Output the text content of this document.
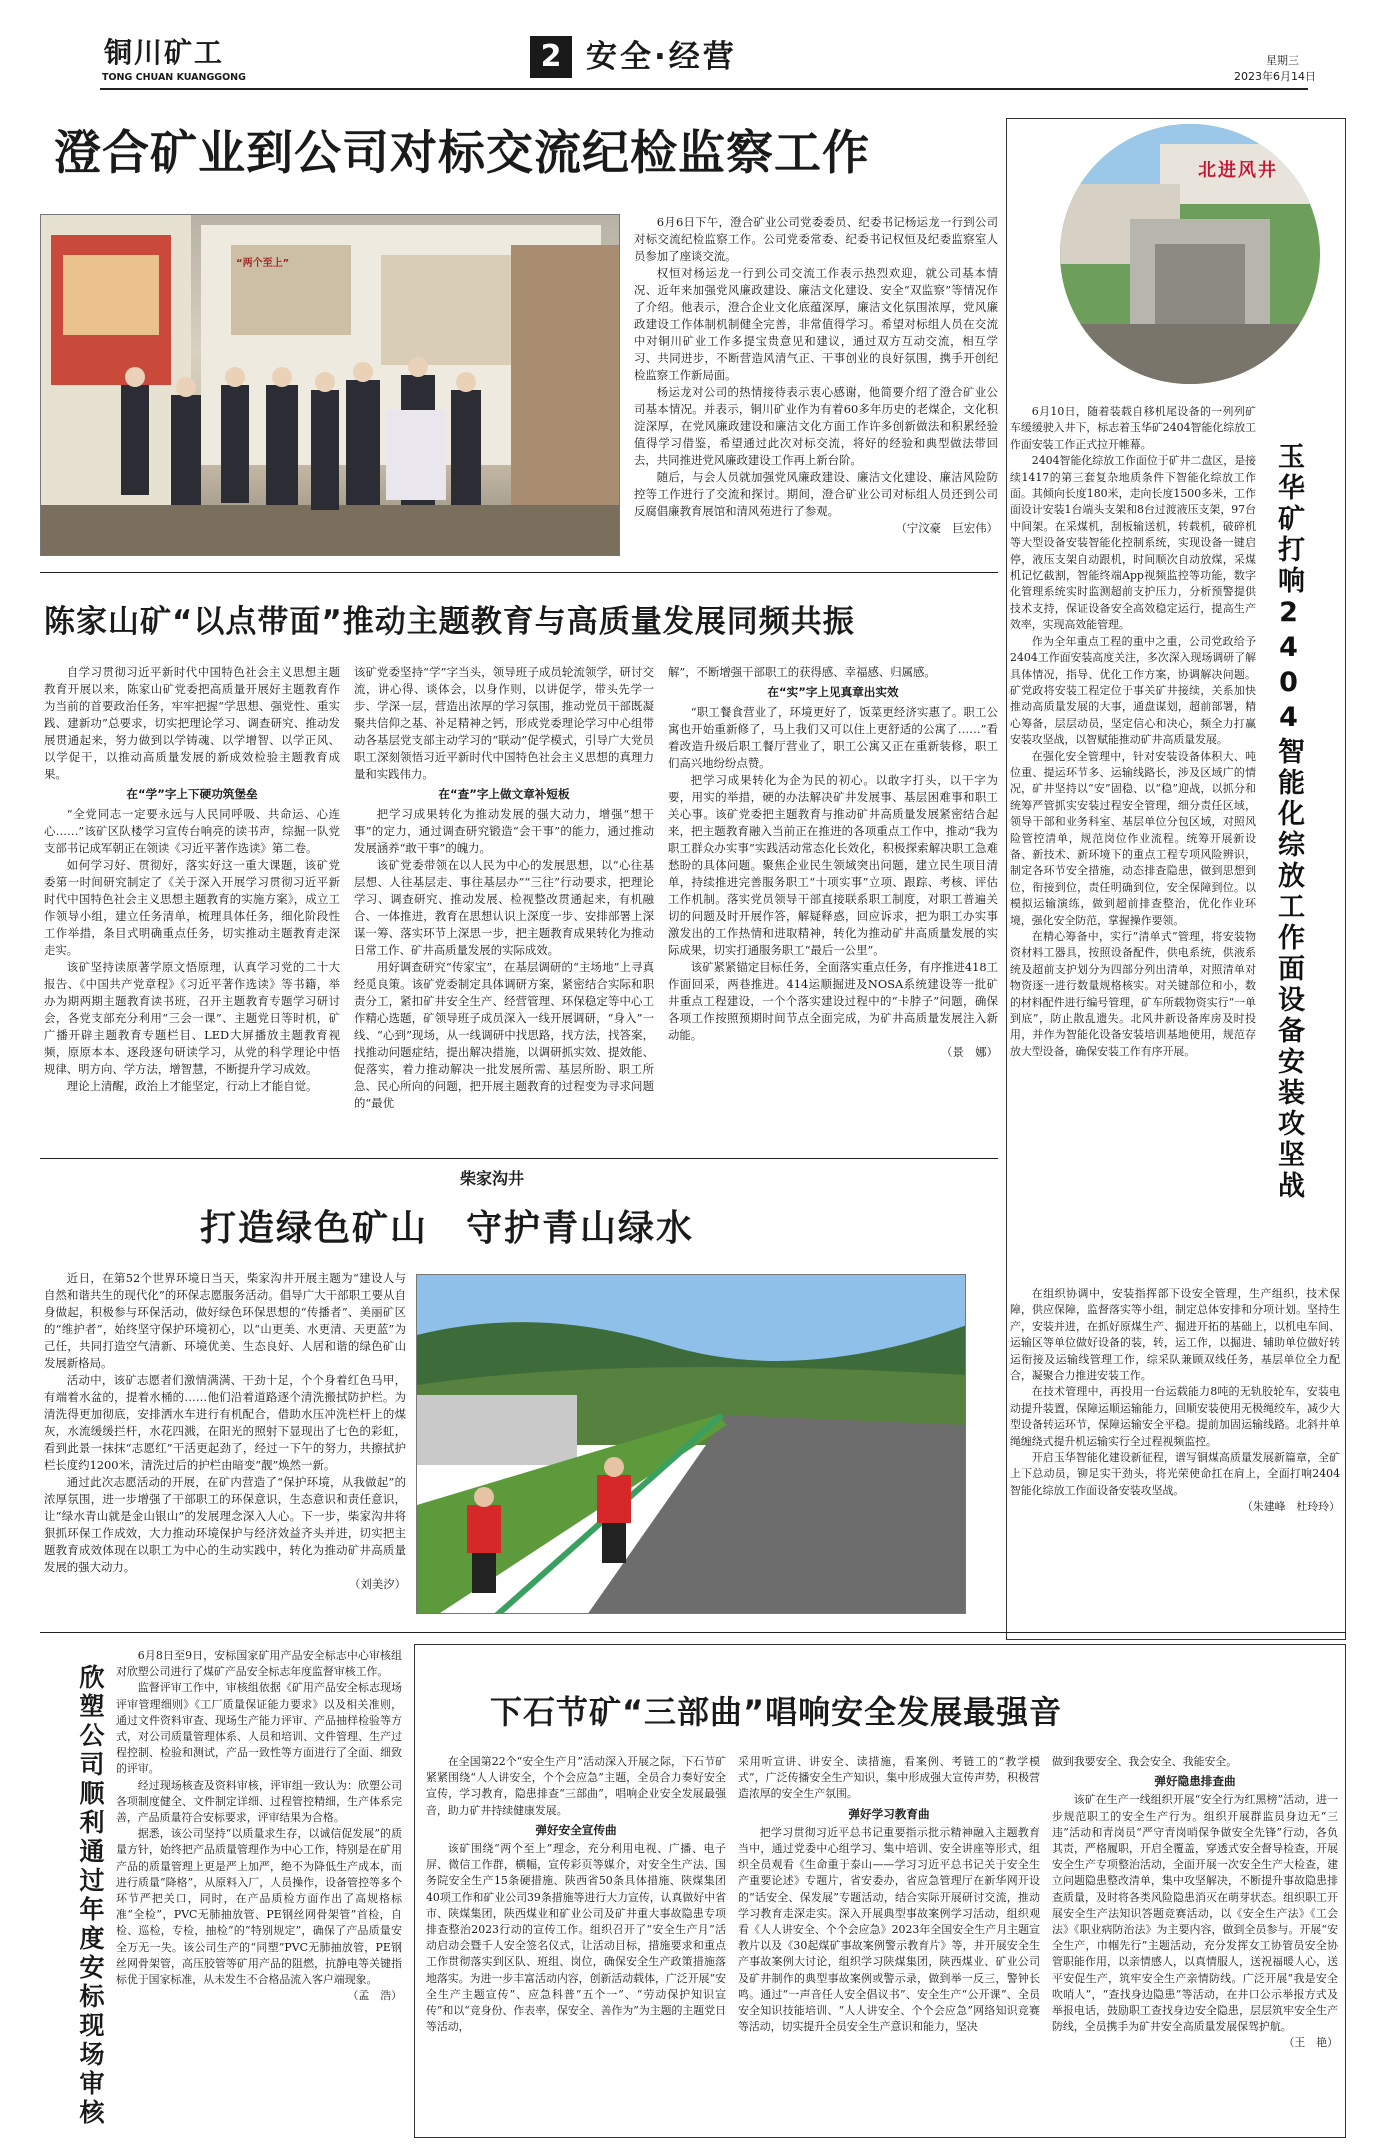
铜川矿工
TONG CHUAN KUANGGONG
2 安全·经营	星期三
2023年6月14日
澄合矿业到公司对标交流纪检监察工作
“两个至上”

6月6日下午，澄合矿业公司党委委员、纪委书记杨运龙一行到公司对标交流纪检监察工作。公司党委常委、纪委书记权恒及纪委监察室人员参加了座谈交流。

权恒对杨运龙一行到公司交流工作表示热烈欢迎，就公司基本情况、近年来加强党风廉政建设、廉洁文化建设、安全“双监察”等情况作了介绍。他表示，澄合企业文化底蕴深厚，廉洁文化氛围浓厚，党风廉政建设工作体制机制健全完善，非常值得学习。希望对标组人员在交流中对铜川矿业工作多提宝贵意见和建议，通过双方互动交流，相互学习、共同进步，不断营造风清气正、干事创业的良好氛围，携手开创纪检监察工作新局面。

杨运龙对公司的热情接待表示衷心感谢，他简要介绍了澄合矿业公司基本情况。并表示，铜川矿业作为有着60多年历史的老煤企，文化积淀深厚，在党风廉政建设和廉洁文化方面工作许多创新做法和积累经验值得学习借鉴，希望通过此次对标交流，将好的经验和典型做法带回去，共同推进党风廉政建设工作再上新台阶。

随后，与会人员就加强党风廉政建设、廉洁文化建设、廉洁风险防控等工作进行了交流和探讨。期间，澄合矿业公司对标组人员还到公司反腐倡廉教育展馆和清风苑进行了参观。

（宁汶豪　巨宏伟）

陈家山矿“以点带面”推动主题教育与高质量发展同频共振

自学习贯彻习近平新时代中国特色社会主义思想主题教育开展以来，陈家山矿党委把高质量开展好主题教育作为当前的首要政治任务，牢牢把握“学思想、强党性、重实践、建新功”总要求，切实把理论学习、调查研究、推动发展贯通起来，努力做到以学铸魂、以学增智、以学正风、以学促干，以推动高质量发展的新成效检验主题教育成果。

在“学”字上下硬功筑堡垒

“全党同志一定要永远与人民同呼吸、共命运、心连心……”该矿区队楼学习宣传台响亮的读书声，综掘一队党支部书记成军朝正在领读《习近平著作选读》第二卷。

如何学习好、贯彻好，落实好这一重大课题，该矿党委第一时间研究制定了《关于深入开展学习贯彻习近平新时代中国特色社会主义思想主题教育的实施方案》，成立工作领导小组，建立任务清单，梳理具体任务，细化阶段性工作举措，条目式明确重点任务，切实推动主题教育走深走实。

该矿坚持读原著学原文悟原理，认真学习党的二十大报告、《中国共产党章程》《习近平著作选读》等书籍，举办为期两期主题教育读书班，召开主题教育专题学习研讨会，各党支部充分利用“三会一课”、主题党日等时机，矿广播开辟主题教育专题栏目、LED大屏播放主题教育视频，原原本本、逐段逐句研读学习，从党的科学理论中悟规律、明方向、学方法，增智慧，不断提升学习成效。

理论上清醒，政治上才能坚定，行动上才能自觉。

该矿党委坚持“学”字当头，领导班子成员轮流领学，研讨交流，讲心得、谈体会，以身作则，以讲促学，带头先学一步、学深一层，营造出浓厚的学习氛围，推动党员干部既凝聚共信仰之基、补足精神之钙，形成党委理论学习中心组带动各基层党支部主动学习的“联动”促学模式，引导广大党员职工深刻领悟习近平新时代中国特色社会主义思想的真理力量和实践伟力。

在“查”字上做文章补短板

把学习成果转化为推动发展的强大动力，增强“想干事”的定力，通过调查研究锻造“会干事”的能力，通过推动发展涵养“敢干事”的魄力。

该矿党委带领在以人民为中心的发展思想，以“心往基层想、人往基层走、事往基层办”“三往”行动要求，把理论学习、调查研究、推动发展、检视整改贯通起来，有机融合、一体推进，教育在思想认识上深度一步、安排部署上深谋一筹、落实环节上深思一步，把主题教育成果转化为推动日常工作、矿井高质量发展的实际成效。

用好调查研究“传家宝”，在基层调研的“主场地”上寻真经觅良策。该矿党委制定具体调研方案，紧密结合实际和职责分工，紧扣矿井安全生产、经营管理、环保稳定等中心工作精心选题，矿领导班子成员深入一线开展调研，“身入”一线、“心到”现场，从一线调研中找思路，找方法，找答案，找推动问题症结，提出解决措施，以调研抓实效、提效能、促落实，着力推动解决一批发展所需、基层所盼、职工所急、民心所向的问题，把开展主题教育的过程变为寻求问题的“最优

解”，不断增强干部职工的获得感、幸福感、归属感。

在“实”字上见真章出实效

“职工餐食营业了，环境更好了，饭菜更经济实惠了。职工公寓也开始重新修了，马上我们又可以住上更舒适的公寓了……”看着改造升级后职工餐厅营业了，职工公寓又正在重新装修，职工们高兴地纷纷点赞。

把学习成果转化为企为民的初心。以敢字打头，以干字为要，用实的举措，硬的办法解决矿井发展事、基层困难事和职工关心事。该矿党委把主题教育与推动矿井高质量发展紧密结合起来，把主题教育融入当前正在推进的各项重点工作中，推动“我为职工群众办实事”实践活动常态化长效化，积极探索解决职工急难愁盼的具体问题。聚焦企业民生领域突出问题，建立民生项目清单，持续推进完善服务职工“十项实事”立项、跟踪、考核、评估工作机制。落实党员领导干部直接联系职工制度，对职工普遍关切的问题及时开展作答，解疑释惑，回应诉求，把为职工办实事激发出的工作热情和进取精神，转化为推动矿井高质量发展的实际成果，切实打通服务职工“最后一公里”。

该矿紧紧锚定目标任务，全面落实重点任务，有序推进418工作面回采，两巷推进。414运顺掘进及NOSA系统建设等一批矿井重点工程建设，一个个落实建设过程中的“卡脖子”问题，确保各项工作按照预期时间节点全面完成，为矿井高质量发展注入新动能。

（景　娜）

柴家沟井
打造绿色矿山　守护青山绿水

近日，在第52个世界环境日当天，柴家沟井开展主题为“建设人与自然和谐共生的现代化”的环保志愿服务活动。倡导广大干部职工要从自身做起，积极参与环保活动，做好绿色环保思想的“传播者”、美丽矿区的“维护者”，始终坚守保护环境初心，以“山更美、水更清、天更蓝”为己任，共同打造空气清新、环境优美、生态良好、人居和谐的绿色矿山发展新格局。

活动中，该矿志愿者们激情满满、干劲十足，个个身着红色马甲，有端着水盆的，提着水桶的……他们沿着道路逐个清洗搬拭防护栏。为清洗得更加彻底，安排洒水车进行有机配合，借助水压冲洗栏杆上的煤灰，水流缓缓拦杆，水花四溅，在阳光的照射下显现出了七色的彩虹，看到此景一抹抹“志愿红”干活更起劲了，经过一下午的努力，共擦拭护栏长度约1200米，清洗过后的护栏由暗变“靓”焕然一新。

通过此次志愿活动的开展，在矿内营造了“保护环境，从我做起”的浓厚氛围，进一步增强了干部职工的环保意识，生态意识和责任意识，让“绿水青山就是金山银山”的发展理念深入人心。下一步，柴家沟井将狠抓环保工作成效，大力推动环境保护与经济效益齐头并进，切实把主题教育成效体现在以职工为中心的生动实践中，转化为推动矿井高质量发展的强大动力。

（刘美汐）

北进风井
玉华矿打响2404智能化综放工作面设备安装攻坚战

6月10日，随着装载自移机尾设备的一列列矿车缓缓驶入井下，标志着玉华矿2404智能化综放工作面安装工作正式拉开帷幕。

2404智能化综放工作面位于矿井二盘区，是接续1417的第三套复杂地质条件下智能化综放工作面。其倾向长度180米，走向长度1500多米，工作面设计安装1台端头支架和8台过渡液压支架，97台中间架。在采煤机，刮板输送机，转载机，破碎机等大型设备安装智能化控制系统，实现设备一键启停，液压支架自动跟机，时间顺次自动放煤，采煤机记忆截割，智能终端App视频监控等功能，数字化管理系统实时监测超前支护压力，分析预警提供技术支持，保证设备安全高效稳定运行，提高生产效率，实现高效能管理。

作为全年重点工程的重中之重，公司党政给予2404工作面安装高度关注，多次深入现场调研了解具体情况，指导、优化工作方案，协调解决问题。矿党政将安装工程定位于事关矿井接续，关系加快推动高质量发展的大事，通盘谋划，超前部署，精心筹备，层层动员，坚定信心和决心，频全力打赢安装攻坚战，以智赋能推动矿井高质量发展。

在强化安全管理中，针对安装设备体积大、吨位重、提运环节多、运输线路长，涉及区域广的情况，矿井坚持以“安”固稳、以“稳”迎战，以抓分和统筹严管抓实安装过程安全管理，细分责任区域，领导干部和业务科室、基层单位分包区域，对照风险管控清单，规范岗位作业流程。统筹开展新设备、新技术、新环境下的重点工程专项风险辨识，制定各环节安全措施，动态排查隐患，做到思想到位，衔接到位，责任明确到位，安全保障到位。以模拟运输演练，做到超前排查整治，优化作业环境，强化安全防范，掌握操作要领。

在精心筹备中，实行“清单式”管理，将安装物资材料工器具，按照设备配件，供电系统，供液系统及超前支护划分为四部分列出清单，对照清单对物资逐一进行数量规格核实。对关键部位和小，数的材料配件进行编号管理，矿车所载物资实行“一单到底”，防止散乱遗失。北风井新设备库房及时投用，并作为智能化设备安装培训基地使用，规范存放大型设备，确保安装工作有序开展。

在组织协调中，安装指挥部下设安全管理，生产组织，技术保障，供应保障，监督落实等小组，制定总体安排和分项计划。坚持生产，安装并进，在抓好原煤生产、掘进开拓的基础上，以机电车间、运输区等单位做好设备的装，转，运工作，以掘进、辅助单位做好转运衔接及运输线管理工作，综采队兼顾双线任务，基层单位全力配合，凝聚合力推进安装工作。

在技术管理中，再投用一台运载能力8吨的无轨胶轮车，安装电动提升装置，保障运顺运输能力，回顺安装使用无极绳绞车，减少大型设备转运环节，保障运输安全平稳。提前加固运输线路。北斜井单绳缠绕式提升机运输实行全过程视频监控。

开启玉华智能化建设新征程，谱写铜煤高质量发展新篇章，全矿上下总动员，铆足实干劲头，将光荣使命扛在肩上，全面打响2404智能化综放工作面设备安装攻坚战。

（朱建峰　杜玲玲）

欣塑公司顺利通过年度安标现场审核

6月8日至9日，安标国家矿用产品安全标志中心审核组对欣塑公司进行了煤矿产品安全标志年度监督审核工作。

监督评审工作中，审核组依据《矿用产品安全标志现场评审管理细则》《工厂质量保证能力要求》以及相关准则，通过文件资料审查、现场生产能力评审、产品抽样检验等方式，对公司质量管理体系、人员和培训、文件管理、生产过程控制、检验和测试，产品一致性等方面进行了全面、细致的评审。

经过现场核查及资料审核，评审组一致认为：欣塑公司各项制度健全、文件制定详细、过程管控精细，生产体系完善，产品质量符合安标要求，评审结果为合格。

据悉，该公司坚持“以质量求生存，以诚信促发展”的质量方针，始终把产品质量管理作为中心工作，特别是在矿用产品的质量管理上更是严上加严，绝不为降低生产成本，而进行质量“降格”，从原料入厂，人员操作，设备管控等多个环节严把关口，同时，在产品质检方面作出了高规格标准“全检”，PVC无肺抽放管、PE钢丝网骨架管”首检，自检、巡检，专检，抽检”的“特别规定”，确保了产品质量安全万无一失。该公司生产的“同塑”PVC无肺抽放管，PE钢丝网骨架管，高压胶管等矿用产品的阻燃，抗静电等关键指标优于国家标准，从未发生不合格品流入客户端现象。

（孟　浩）

下石节矿“三部曲”唱响安全发展最强音

在全国第22个“安全生产月”活动深入开展之际，下石节矿紧紧围绕“人人讲安全，个个会应急”主题，全员合力奏好安全宣传，学习教育，隐患排查“三部曲”，唱响企业安全发展最强音，助力矿井持续健康发展。

弹好安全宣传曲

该矿围绕“两个至上”理念，充分利用电视、广播、电子屏、微信工作群，横幅，宣传彩页等媒介，对安全生产法、国务院安全生产15条硬措施、陕西省50条具体措施、陕煤集团40项工作和矿业公司39条措施等进行大力宣传，认真做好中省市、陕煤集团，陕西煤业和矿业公司及矿井重大事故隐患专项排查整治2023行动的宣传工作。组织召开了“安全生产月”活动启动会暨千人安全签名仪式，让活动目标，措施要求和重点工作贯彻落实到区队、班组、岗位，确保安全生产政策措施落地落实。为进一步丰富活动内容，创新活动载体，广泛开展“安全生产主题宣传”、应急科普“五个一”、“劳动保护知识宣传”和以“竞身份、作表率，保安全、善作为”为主题的主题党日等活动，

采用听宣讲、讲安全、读措施，看案例、考链工的“教学模式”，广泛传播安全生产知识，集中形成强大宣传声势，积极营造浓厚的安全生产氛围。

弹好学习教育曲

把学习贯彻习近平总书记重要指示批示精神融入主题教育当中，通过党委中心组学习、集中培训、安全讲座等形式，组织全员观看《生命重于泰山——学习习近平总书记关于安全生产重要论述》专题片，省安委办，省应急管理厅在新华网开设的“话安全、保发展”专题活动，结合实际开展研讨交流，推动学习教育走深走实。深入开展典型事故案例学习活动，组织观看《人人讲安全、个个会应急》2023年全国安全生产月主题宣教片以及《30起煤矿事故案例警示教育片》等，并开展安全生产事故案例大讨论，组织学习陕煤集团，陕西煤业、矿业公司及矿井制作的典型事故案例或警示录，做到举一反三，警钟长鸣。通过“一声音任人安全倡议书”、安全生产“公开课”、全员安全知识技能培训、“人人讲安全、个个会应急”网络知识竞赛等活动，切实提升全员安全生产意识和能力，坚决

做到我要安全、我会安全、我能安全。

弹好隐患排查曲

该矿在生产一线组织开展“安全行为红黑榜”活动，进一步规范职工的安全生产行为。组织开展群监员身边无“三违”活动和青岗员“严守青岗哨保争做安全先锋”行动，各负其责，严格履职，开启全覆盖，穿透式安全督导检查，开展安全生产专项整治活动，全面开展一次安全生产大检查，建立问题隐患整改清单，集中攻坚解决，不断提升事故隐患排查质量，及时将各类风险隐患消灭在萌芽状态。组织职工开展安全生产法知识答题竞赛活动，以《安全生产法》《工会法》《职业病防治法》为主要内容，做到全员参与。开展“安全生产，巾帼先行”主题活动，充分发挥女工协管员安全协管职能作用，以亲情感人，以真情服人，送祝福暖人心，送平安促生产，筑牢安全生产亲情防线。广泛开展“我是安全吹哨人”，“查找身边隐患”等活动，在井口公示举报方式及举报电话，鼓励职工查找身边安全隐患，层层筑牢安全生产防线，全员携手为矿井安全高质量发展保驾护航。

（王　艳）
